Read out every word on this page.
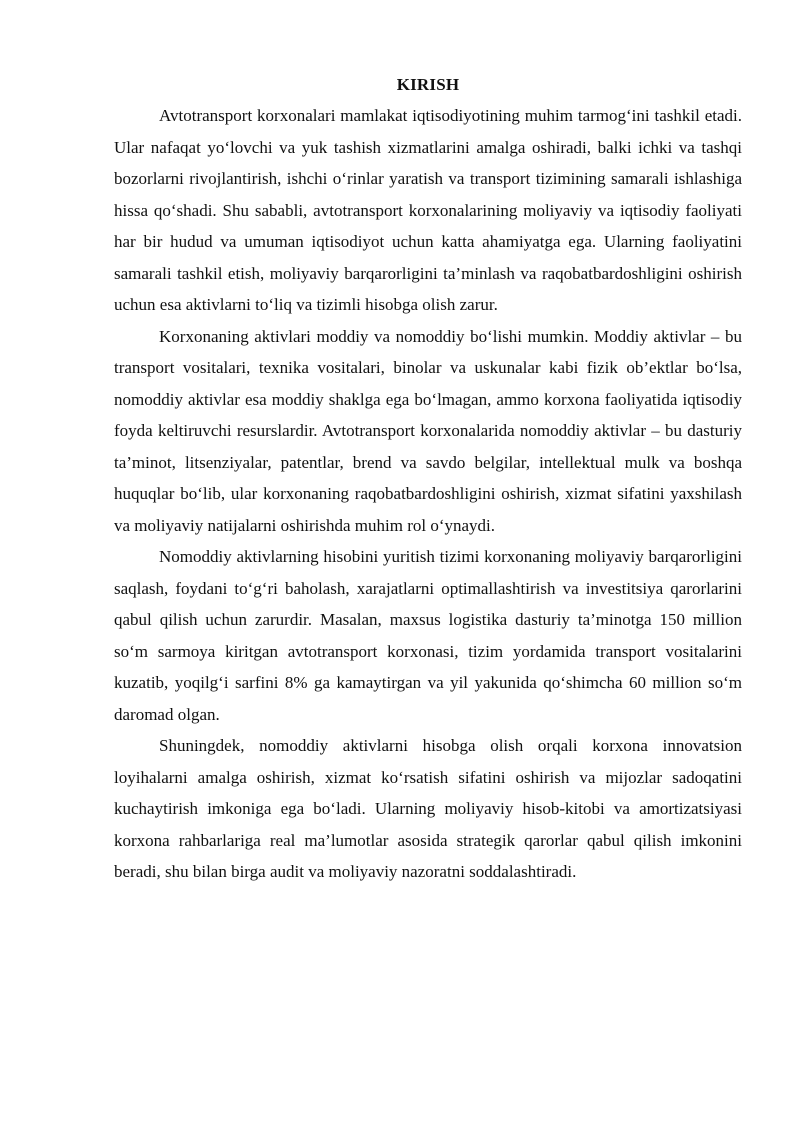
KIRISH

Avtotransport korxonalari mamlakat iqtisodiyotining muhim tarmog‘ini tashkil etadi. Ular nafaqat yo‘lovchi va yuk tashish xizmatlarini amalga oshiradi, balki ichki va tashqi bozorlarni rivojlantirish, ishchi o‘rinlar yaratish va transport tizimining samarali ishlashiga hissa qo‘shadi. Shu sababli, avtotransport korxonalarining moliyaviy va iqtisodiy faoliyati har bir hudud va umuman iqtisodiyot uchun katta ahamiyatga ega. Ularning faoliyatini samarali tashkil etish, moliyaviy barqarorligini ta’minlash va raqobatbardoshligini oshirish uchun esa aktivlarni to‘liq va tizimli hisobga olish zarur.

Korxonaning aktivlari moddiy va nomoddiy bo‘lishi mumkin. Moddiy aktivlar – bu transport vositalari, texnika vositalari, binolar va uskunalar kabi fizik ob’ektlar bo‘lsa, nomoddiy aktivlar esa moddiy shaklga ega bo‘lmagan, ammo korxona faoliyatida iqtisodiy foyda keltiruvchi resurslardir. Avtotransport korxonalarida nomoddiy aktivlar – bu dasturiy ta’minot, litsenziyalar, patentlar, brend va savdo belgilar, intellektual mulk va boshqa huquqlar bo‘lib, ular korxonaning raqobatbardoshligini oshirish, xizmat sifatini yaxshilash va moliyaviy natijalarni oshirishda muhim rol o‘ynaydi.

Nomoddiy aktivlarning hisobini yuritish tizimi korxonaning moliyaviy barqarorligini saqlash, foydani to‘g‘ri baholash, xarajatlarni optimallashtirish va investitsiya qarorlarini qabul qilish uchun zarurdir. Masalan, maxsus logistika dasturiy ta’minotga 150 million so‘m sarmoya kiritgan avtotransport korxonasi, tizim yordamida transport vositalarini kuzatib, yoqilg‘i sarfini 8% ga kamaytirgan va yil yakunida qo‘shimcha 60 million so‘m daromad olgan.

Shuningdek, nomoddiy aktivlarni hisobga olish orqali korxona innovatsion loyihalarni amalga oshirish, xizmat ko‘rsatish sifatini oshirish va mijozlar sadoqatini kuchaytirish imkoniga ega bo‘ladi. Ularning moliyaviy hisob-kitobi va amortizatsiyasi korxona rahbarlariga real ma’lumotlar asosida strategik qarorlar qabul qilish imkonini beradi, shu bilan birga audit va moliyaviy nazoratni soddalashtiradi.
